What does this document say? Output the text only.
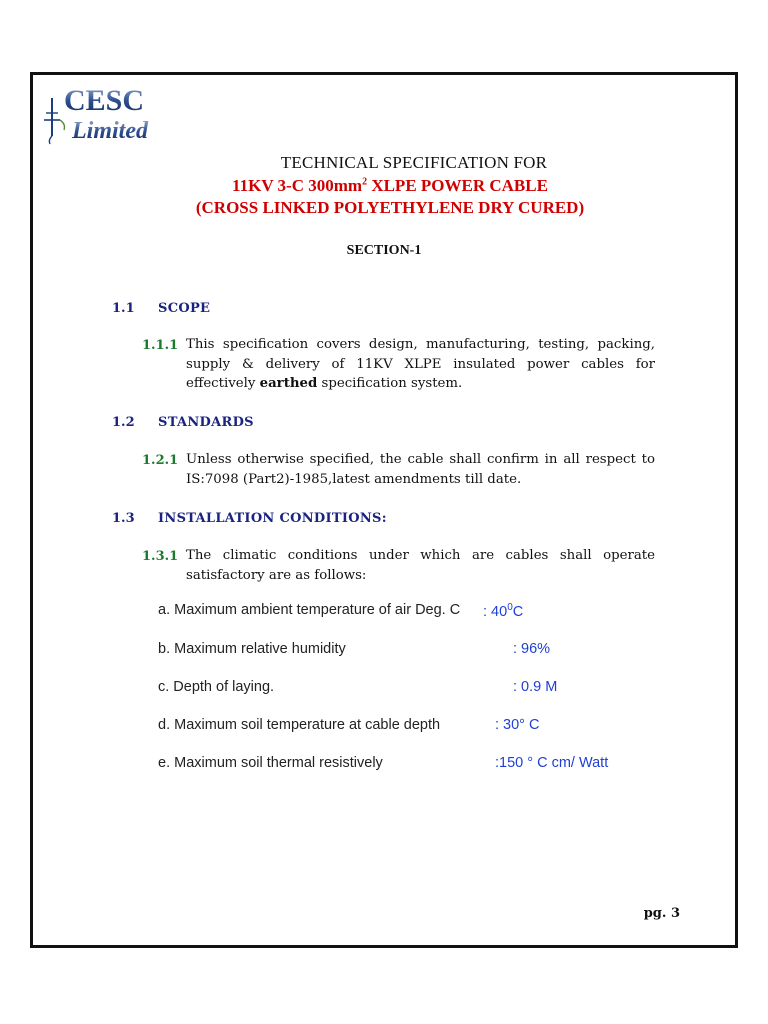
CESC
Limited
TECHNICAL SPECIFICATION FOR
11KV 3-C $300mm^2$ XLPE POWER CABLE
(CROSS LINKED POLYETHYLENE DRY CURED)
SECTION-1
1.1 SCOPE
1.1.1 This specification covers design, manufacturing, testing, packing, supply & delivery of 11KV XLPE insulated power cables for effectively earthed specification system.
1.2 STANDARDS
1.2.1 Unless otherwise specified, the cable shall confirm in all respect to IS:7098 (Part2)-1985,latest amendments till date.
1.3 INSTALLATION CONDITIONS:
1.3.1 The climatic conditions under which are cables shall operate satisfactory are as follows:
a. Maximum ambient temperature of air Deg. C : $40^0C$
b. Maximum relative humidity	: 96%
c. Depth of laying.	: 0.9 M
d. Maximum soil temperature at cable depth	: 30° C
e. Maximum soil thermal resistively	:150 ° C cm/ Watt
pg. 3
